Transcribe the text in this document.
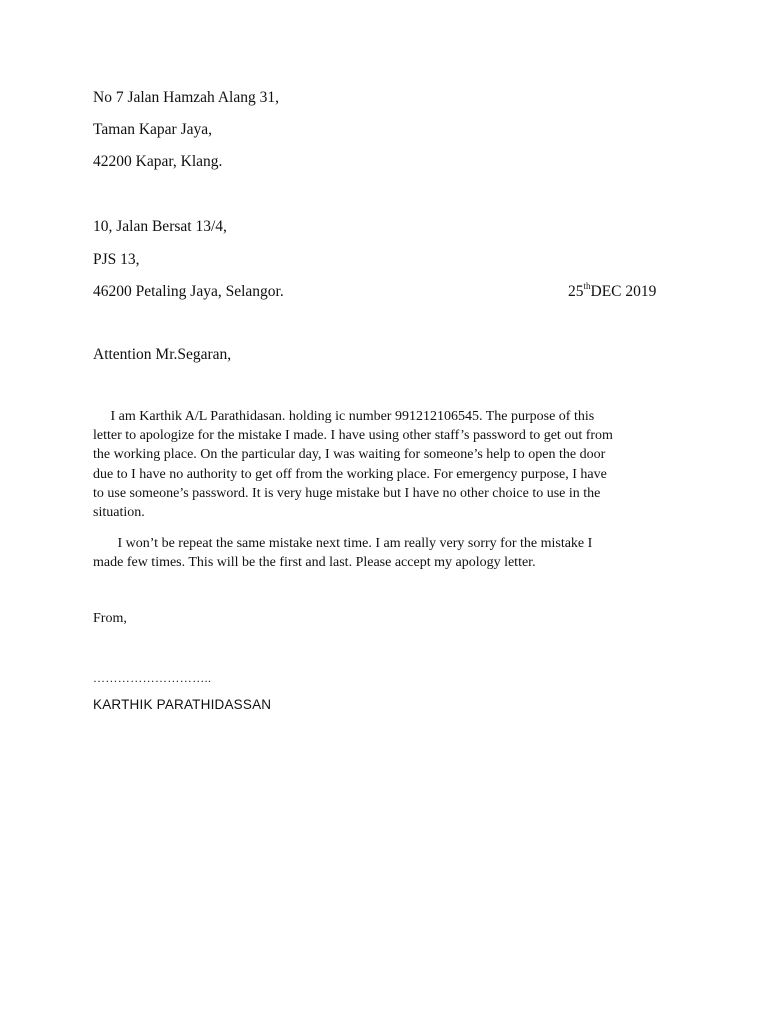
No 7 Jalan Hamzah Alang 31,
Taman Kapar Jaya,
42200 Kapar, Klang.
10, Jalan Bersat 13/4,
PJS 13,
46200 Petaling Jaya, Selangor.	25thDEC 2019
Attention Mr.Segaran,
I am Karthik A/L Parathidasan. holding ic number 991212106545. The purpose of this
letter to apologize for the mistake I made. I have using other staff’s password to get out from
the working place. On the particular day, I was waiting for someone’s help to open the door
due to I have no authority to get off from the working place. For emergency purpose, I have
to use someone’s password. It is very huge mistake but I have no other choice to use in the
situation.
I won’t be repeat the same mistake next time. I am really very sorry for the mistake I
made few times. This will be the first and last. Please accept my apology letter.
From,
………………………..
KARTHIK PARATHIDASSAN
